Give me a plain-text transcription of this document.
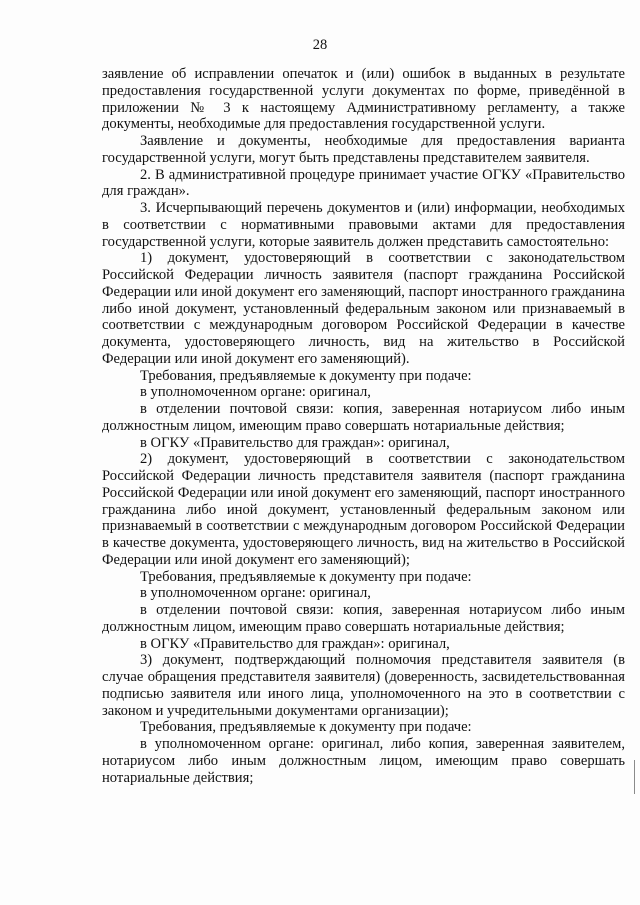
28

заявление об исправлении опечаток и (или) ошибок в выданных в результате предоставления государственной услуги документах по форме, приведённой в приложении № 3 к настоящему Административному регламенту, а также документы, необходимые для предоставления государственной услуги.

Заявление и документы, необходимые для предоставления варианта государственной услуги, могут быть представлены представителем заявителя.

2. В административной процедуре принимает участие ОГКУ «Правительство для граждан».

3. Исчерпывающий перечень документов и (или) информации, необходимых в соответствии с нормативными правовыми актами для предоставления государственной услуги, которые заявитель должен представить самостоятельно:

1) документ, удостоверяющий в соответствии с законодательством Российской Федерации личность заявителя (паспорт гражданина Российской Федерации или иной документ его заменяющий, паспорт иностранного гражданина либо иной документ, установленный федеральным законом или признаваемый в соответствии с международным договором Российской Федерации в качестве документа, удостоверяющего личность, вид на жительство в Российской Федерации или иной документ его заменяющий).

Требования, предъявляемые к документу при подаче:

в уполномоченном органе: оригинал,

в отделении почтовой связи: копия, заверенная нотариусом либо иным должностным лицом, имеющим право совершать нотариальные действия;

в ОГКУ «Правительство для граждан»: оригинал,

2) документ, удостоверяющий в соответствии с законодательством Российской Федерации личность представителя заявителя (паспорт гражданина Российской Федерации или иной документ его заменяющий, паспорт иностранного гражданина либо иной документ, установленный федеральным законом или признаваемый в соответствии с международным договором Российской Федерации в качестве документа, удостоверяющего личность, вид на жительство в Российской Федерации или иной документ его заменяющий);

Требования, предъявляемые к документу при подаче:

в уполномоченном органе: оригинал,

в отделении почтовой связи: копия, заверенная нотариусом либо иным должностным лицом, имеющим право совершать нотариальные действия;

в ОГКУ «Правительство для граждан»: оригинал,

3) документ, подтверждающий полномочия представителя заявителя (в случае обращения представителя заявителя) (доверенность, засвидетельствованная подписью заявителя или иного лица, уполномоченного на это в соответствии с законом и учредительными документами организации);

Требования, предъявляемые к документу при подаче:

в уполномоченном органе: оригинал, либо копия, заверенная заявителем, нотариусом либо иным должностным лицом, имеющим право совершать нотариальные действия;
